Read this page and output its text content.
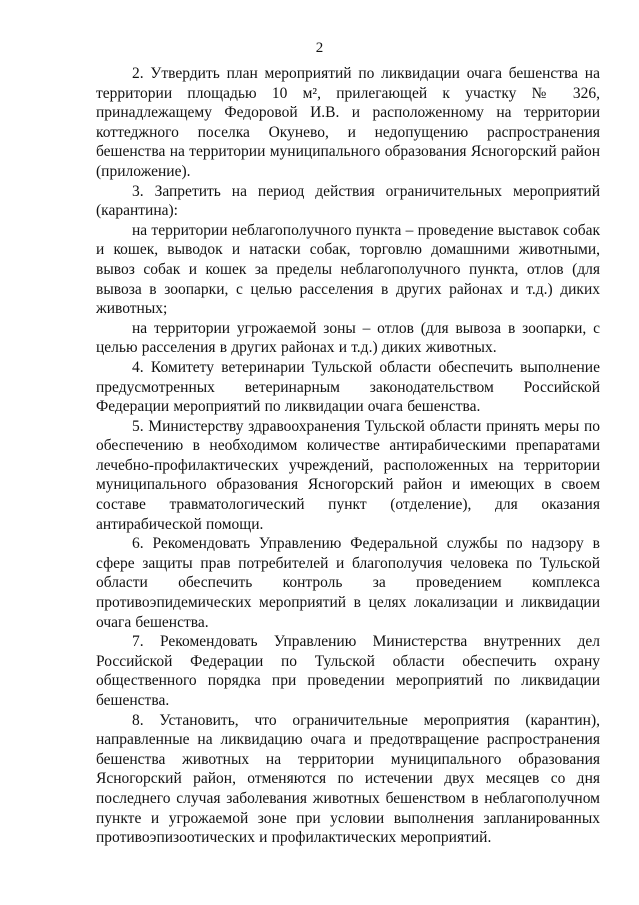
2

2. Утвердить план мероприятий по ликвидации очага бешенства на территории площадью 10 м², прилегающей к участку № 326, принадлежащему Федоровой И.В. и расположенному на территории коттеджного поселка Окунево, и недопущению распространения бешенства на территории муниципального образования Ясногорский район (приложение).

3. Запретить на период действия ограничительных мероприятий (карантина):

на территории неблагополучного пункта – проведение выставок собак и кошек, выводок и натаски собак, торговлю домашними животными, вывоз собак и кошек за пределы неблагополучного пункта, отлов (для вывоза в зоопарки, с целью расселения в других районах и т.д.) диких животных;

на территории угрожаемой зоны – отлов (для вывоза в зоопарки, с целью расселения в других районах и т.д.) диких животных.

4. Комитету ветеринарии Тульской области обеспечить выполнение предусмотренных ветеринарным законодательством Российской Федерации мероприятий по ликвидации очага бешенства.

5. Министерству здравоохранения Тульской области принять меры по обеспечению в необходимом количестве антирабическими препаратами лечебно-профилактических учреждений, расположенных на территории муниципального образования Ясногорский район и имеющих в своем составе травматологический пункт (отделение), для оказания антирабической помощи.

6. Рекомендовать Управлению Федеральной службы по надзору в сфере защиты прав потребителей и благополучия человека по Тульской области обеспечить контроль за проведением комплекса противоэпидемических мероприятий в целях локализации и ликвидации очага бешенства.

7. Рекомендовать Управлению Министерства внутренних дел Российской Федерации по Тульской области обеспечить охрану общественного порядка при проведении мероприятий по ликвидации бешенства.

8. Установить, что ограничительные мероприятия (карантин), направленные на ликвидацию очага и предотвращение распространения бешенства животных на территории муниципального образования Ясногорский район, отменяются по истечении двух месяцев со дня последнего случая заболевания животных бешенством в неблагополучном пункте и угрожаемой зоне при условии выполнения запланированных противоэпизоотических и профилактических мероприятий.
